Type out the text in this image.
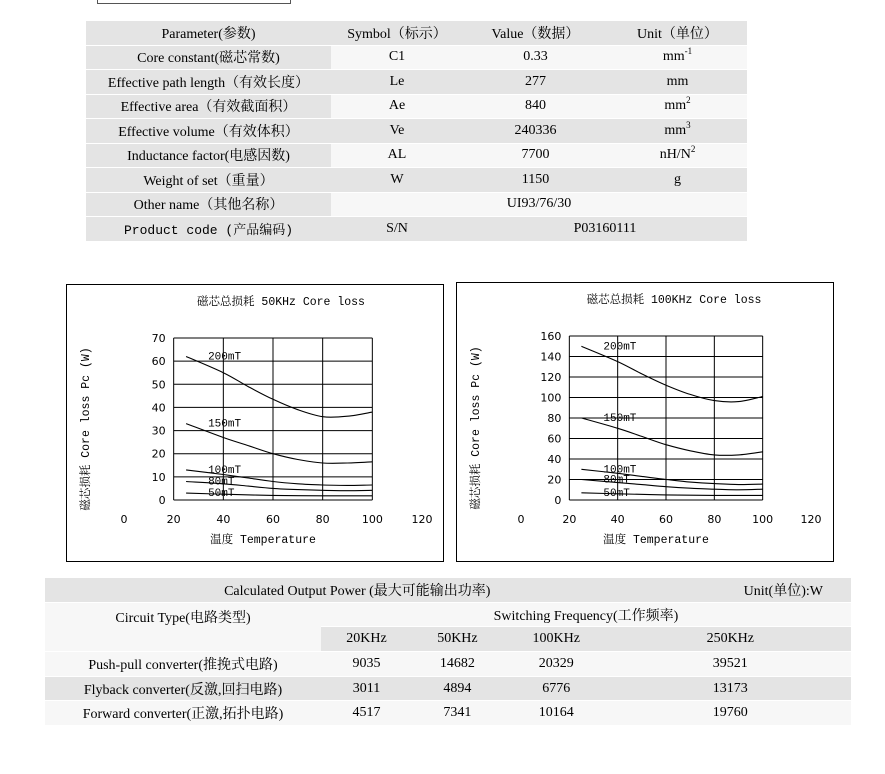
Parameter(参数)	Symbol（标示）	Value（数据）	Unit（单位）
Core constant(磁芯常数)	C1	0.33	$mm^{-1}$
Effective path length（有效长度）	Le	277	mm
Effective area（有效截面积）	Ae	840	$mm^2$
Effective volume（有效体积）	Ve	240336	$mm^3$
Inductance factor(电感因数)	AL	7700	$nH/N^2$
Weight of set（重量）	W	1150	g
Other name（其他名称）	UI93/76/30		
Product code (产品编码)	S/N	P03160111	
磁芯总损耗 50KHz Core loss
0
10
20
30
40
50
60
70
0	20	40	60	80	100	120
温度 Temperature
磁芯损耗 Core loss Pc (W)	200mT
150mT
100mT
80mT
50mT
磁芯总损耗 100KHz Core loss
0
20
40
60
80
100
120
140
160
0	20	40	60	80	100 120
温度 Temperature
磁芯损耗 Core loss Pc (W)	200mT
150mT
100mT
80mT
50mT
Calculated Output Power (最大可能输出功率)				Unit(单位):W
Circuit Type(电路类型)	Switching Frequency(工作频率)			
	20KHz	50KHz	100KHz	250KHz
Push-pull converter(推挽式电路)	9035	14682	20329	39521
Flyback converter(反激,回扫电路)	3011	4894	6776	13173
Forward converter(正激,拓扑电路)	4517	7341	10164	19760
